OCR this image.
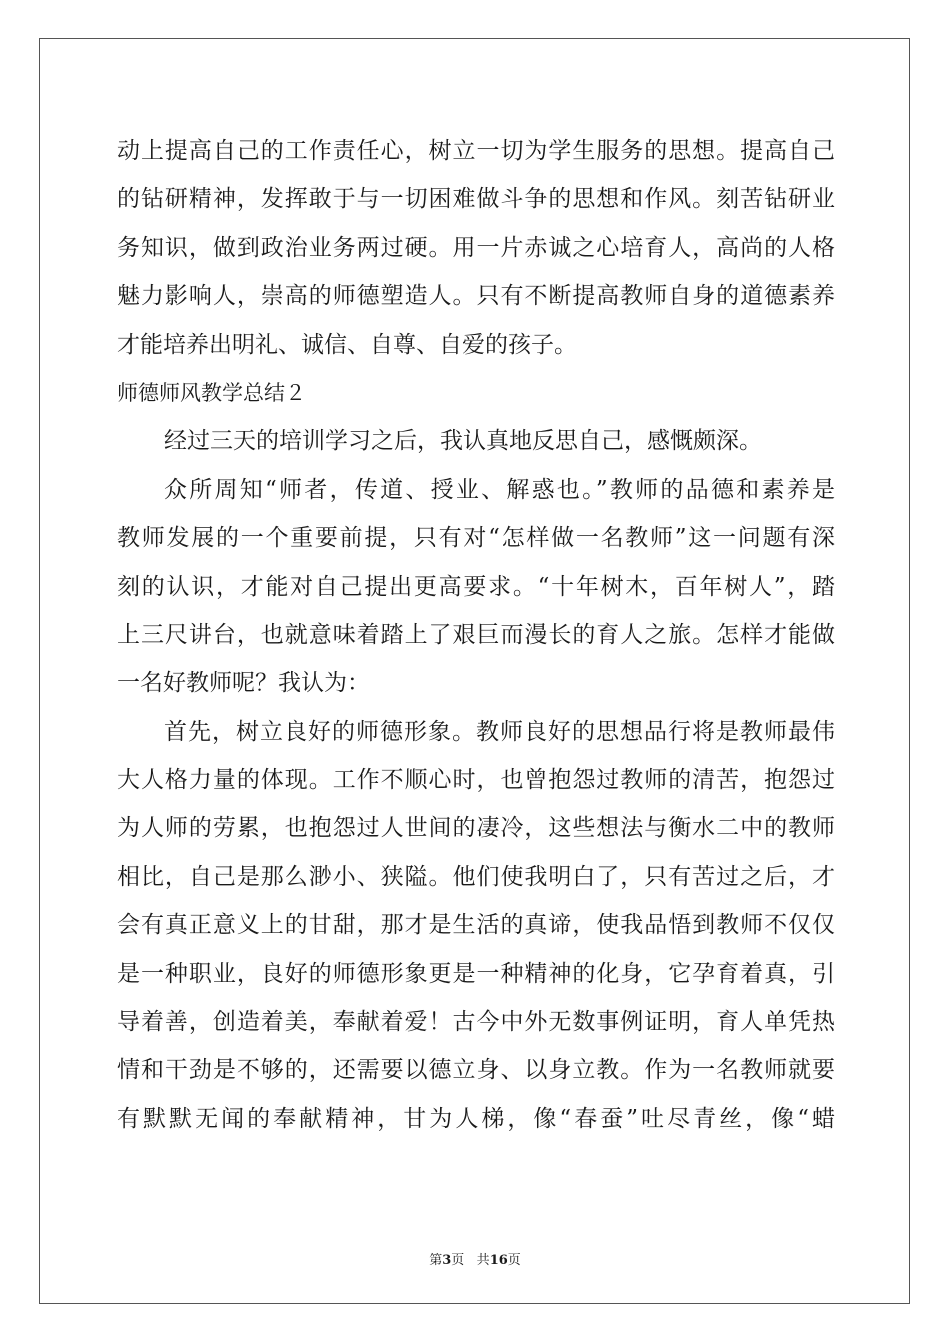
动上提高自己的工作责任心，树立一切为学生服务的思想。提高自己
的钻研精神，发挥敢于与一切困难做斗争的思想和作风。刻苦钻研业
务知识，做到政治业务两过硬。用一片赤诚之心培育人，高尚的人格
魅力影响人，崇高的师德塑造人。只有不断提高教师自身的道德素养
才能培养出明礼、诚信、自尊、自爱的孩子。
师德师风教学总结２
经过三天的培训学习之后，我认真地反思自己，感慨颇深。
众所周知“师者，传道、授业、解惑也。”教师的品德和素养是
教师发展的一个重要前提，只有对“怎样做一名教师”这一问题有深
刻的认识，才能对自己提出更高要求。“十年树木，百年树人”，踏
上三尺讲台，也就意味着踏上了艰巨而漫长的育人之旅。怎样才能做
一名好教师呢？我认为：
首先，树立良好的师德形象。教师良好的思想品行将是教师最伟
大人格力量的体现。工作不顺心时，也曾抱怨过教师的清苦，抱怨过
为人师的劳累，也抱怨过人世间的凄冷，这些想法与衡水二中的教师
相比，自己是那么渺小、狭隘。他们使我明白了，只有苦过之后，才
会有真正意义上的甘甜，那才是生活的真谛，使我品悟到教师不仅仅
是一种职业，良好的师德形象更是一种精神的化身，它孕育着真，引
导着善，创造着美，奉献着爱！古今中外无数事例证明，育人单凭热
情和干劲是不够的，还需要以德立身、以身立教。作为一名教师就要
有默默无闻的奉献精神，甘为人梯，像“春蚕”吐尽青丝，像“蜡
第3页 共16页
